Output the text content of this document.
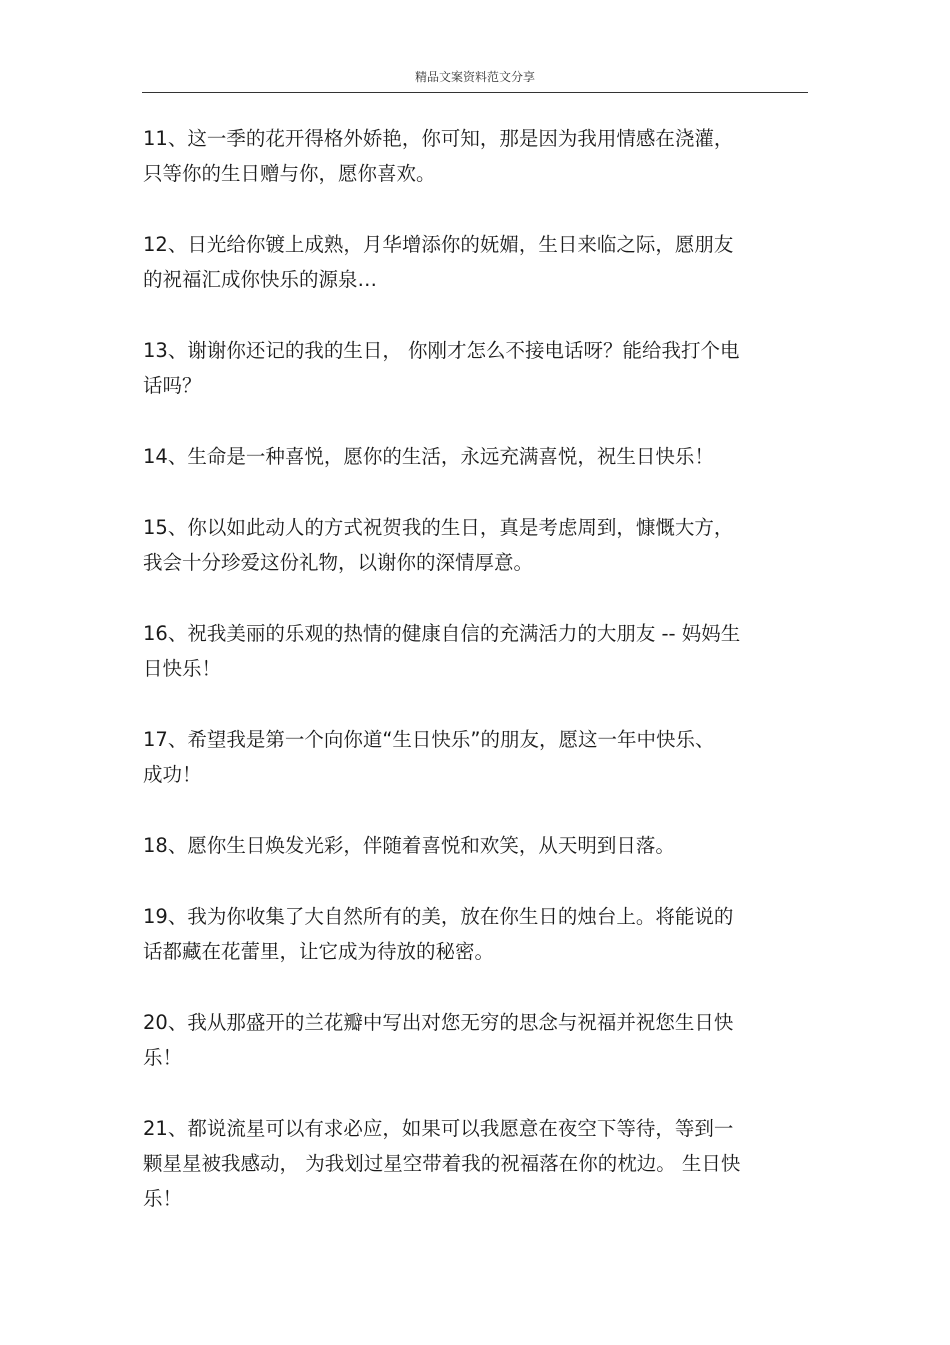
精品文案资料范文分享
11、这一季的花开得格外娇艳，你可知，那是因为我用情感在浇灌，
只等你的生日赠与你，愿你喜欢。
12、日光给你镀上成熟，月华增添你的妩媚，生日来临之际，愿朋友
的祝福汇成你快乐的源泉…
13、谢谢你还记的我的生日， 你刚才怎么不接电话呀？能给我打个电
话吗？
14、生命是一种喜悦，愿你的生活，永远充满喜悦，祝生日快乐！
15、你以如此动人的方式祝贺我的生日，真是考虑周到，慷慨大方，
我会十分珍爱这份礼物，以谢你的深情厚意。
16、祝我美丽的乐观的热情的健康自信的充满活力的大朋友 -- 妈妈生
日快乐！
17、希望我是第一个向你道“生日快乐”的朋友，愿这一年中快乐、
成功！
18、愿你生日焕发光彩，伴随着喜悦和欢笑，从天明到日落。
19、我为你收集了大自然所有的美，放在你生日的烛台上。将能说的
话都藏在花蕾里，让它成为待放的秘密。
20、我从那盛开的兰花瓣中写出对您无穷的思念与祝福并祝您生日快
乐！
21、都说流星可以有求必应，如果可以我愿意在夜空下等待，等到一
颗星星被我感动， 为我划过星空带着我的祝福落在你的枕边。 生日快
乐！
